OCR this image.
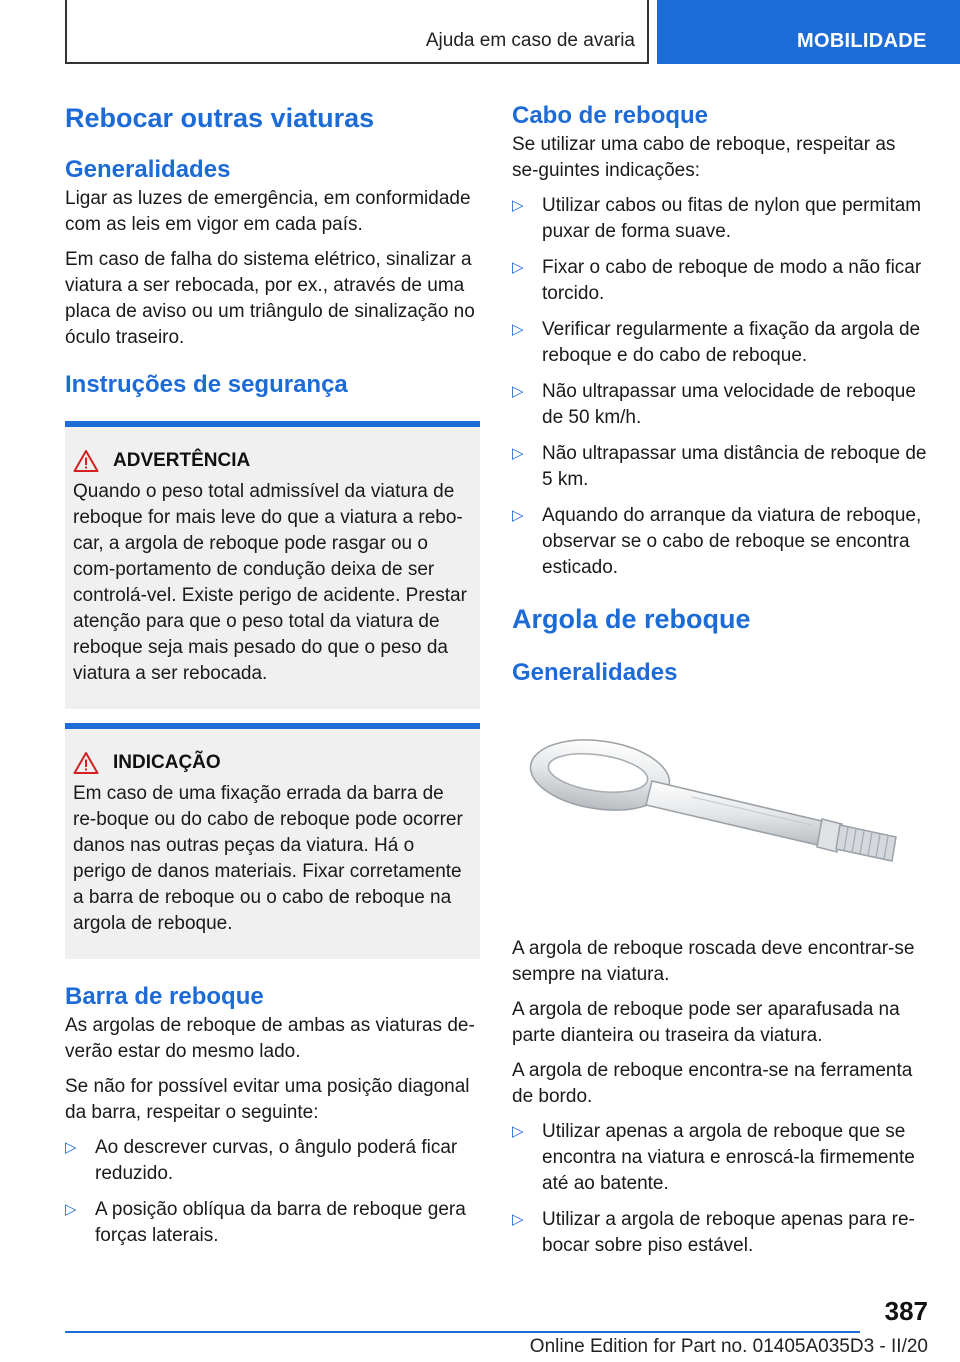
Ajuda em caso de avaria	MOBILIDADE
Rebocar outras viaturas
Generalidades

Ligar as luzes de emergência, em conformidade com as leis em vigor em cada país.

Em caso de falha do sistema elétrico, sinalizar a viatura a ser rebocada, por ex., através de uma placa de aviso ou um triângulo de sinalização no óculo traseiro.

Instruções de segurança
ADVERTÊNCIA

Quando o peso total admissível da viatura de reboque for mais leve do que a viatura a rebo-car, a argola de reboque pode rasgar ou o com-portamento de condução deixa de ser controlá-vel. Existe perigo de acidente. Prestar atenção para que o peso total da viatura de reboque seja mais pesado do que o peso da viatura a ser rebocada.

INDICAÇÃO

Em caso de uma fixação errada da barra de re-boque ou do cabo de reboque pode ocorrer danos nas outras peças da viatura. Há o perigo de danos materiais. Fixar corretamente a barra de reboque ou o cabo de reboque na argola de reboque.

Barra de reboque

As argolas de reboque de ambas as viaturas de-verão estar do mesmo lado.

Se não for possível evitar uma posição diagonal da barra, respeitar o seguinte:

▷ Ao descrever curvas, o ângulo poderá ficar reduzido.
▷ A posição oblíqua da barra de reboque gera forças laterais.
Cabo de reboque

Se utilizar uma cabo de reboque, respeitar as se-guintes indicações:

▷ Utilizar cabos ou fitas de nylon que permitam puxar de forma suave.
▷ Fixar o cabo de reboque de modo a não ficar torcido.
▷ Verificar regularmente a fixação da argola de reboque e do cabo de reboque.
▷ Não ultrapassar uma velocidade de reboque de 50 km/h.
▷ Não ultrapassar uma distância de reboque de 5 km.
▷ Aquando do arranque da viatura de reboque, observar se o cabo de reboque se encontra esticado.
Argola de reboque
Generalidades

A argola de reboque roscada deve encontrar-se sempre na viatura.

A argola de reboque pode ser aparafusada na parte dianteira ou traseira da viatura.

A argola de reboque encontra-se na ferramenta de bordo.

▷ Utilizar apenas a argola de reboque que se encontra na viatura e enroscá-la firmemente até ao batente.
▷ Utilizar a argola de reboque apenas para re-bocar sobre piso estável.
387
Online Edition for Part no. 01405A035D3 - II/20
